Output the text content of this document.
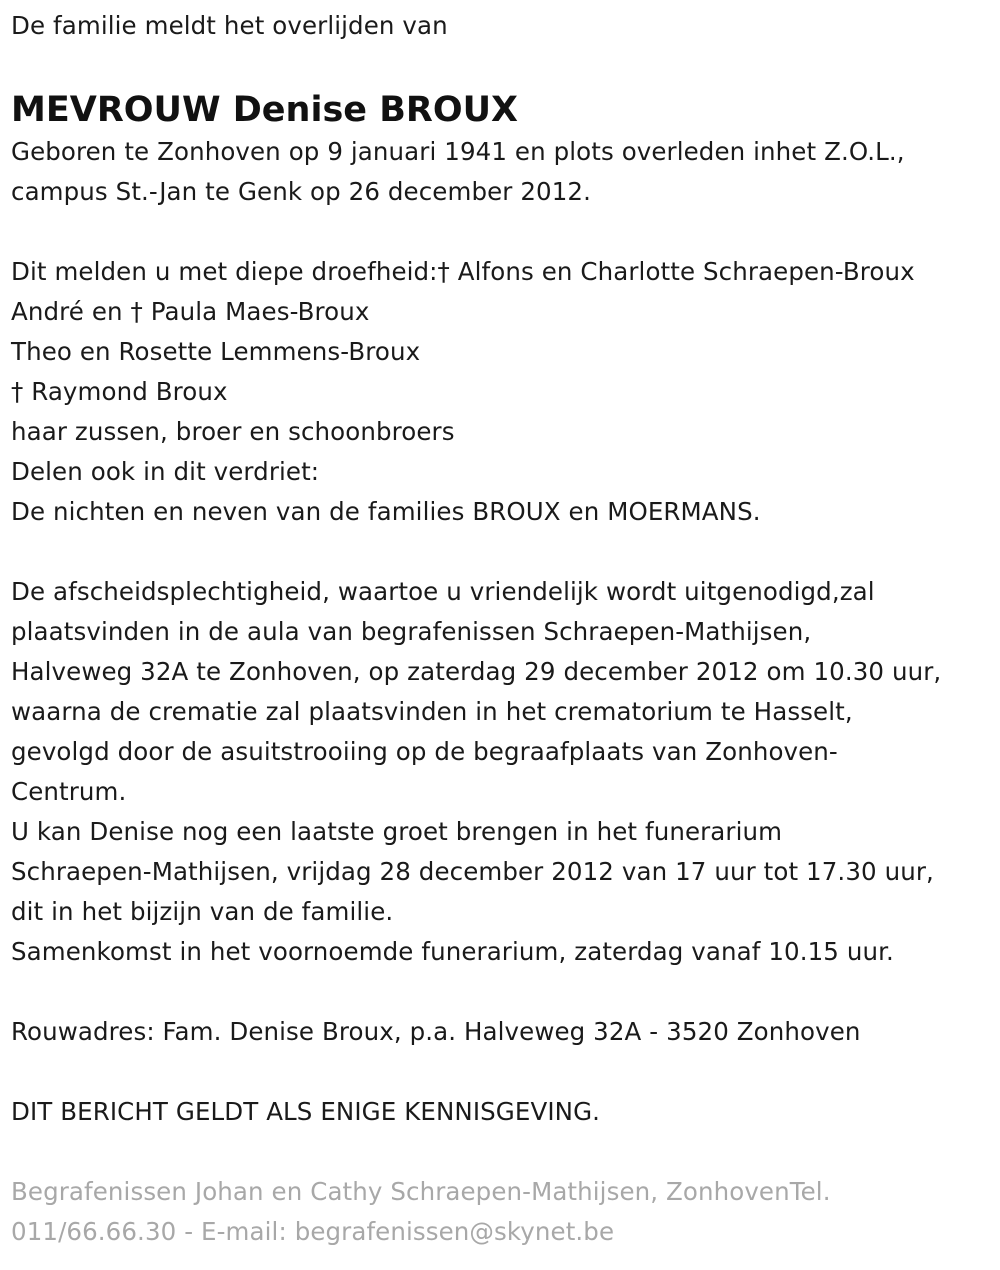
De familie meldt het overlijden van
MEVROUW Denise BROUX
Geboren te Zonhoven op 9 januari 1941 en plots overleden inhet Z.O.L.,
campus St.-Jan te Genk op 26 december 2012.
Dit melden u met diepe droefheid:† Alfons en Charlotte Schraepen-Broux
André en † Paula Maes-Broux
Theo en Rosette Lemmens-Broux
† Raymond Broux
haar zussen, broer en schoonbroers
Delen ook in dit verdriet:
De nichten en neven van de families BROUX en MOERMANS.
De afscheidsplechtigheid, waartoe u vriendelijk wordt uitgenodigd,zal
plaatsvinden in de aula van begrafenissen Schraepen-Mathijsen,
Halveweg 32A te Zonhoven, op zaterdag 29 december 2012 om 10.30 uur,
waarna de crematie zal plaatsvinden in het crematorium te Hasselt,
gevolgd door de asuitstrooiing op de begraafplaats van Zonhoven-
Centrum.
U kan Denise nog een laatste groet brengen in het funerarium
Schraepen-Mathijsen, vrijdag 28 december 2012 van 17 uur tot 17.30 uur,
dit in het bijzijn van de familie.
Samenkomst in het voornoemde funerarium, zaterdag vanaf 10.15 uur.
Rouwadres: Fam. Denise Broux, p.a. Halveweg 32A - 3520 Zonhoven
DIT BERICHT GELDT ALS ENIGE KENNISGEVING.
Begrafenissen Johan en Cathy Schraepen-Mathijsen, ZonhovenTel.
011/66.66.30 - E-mail: begrafenissen@skynet.be
